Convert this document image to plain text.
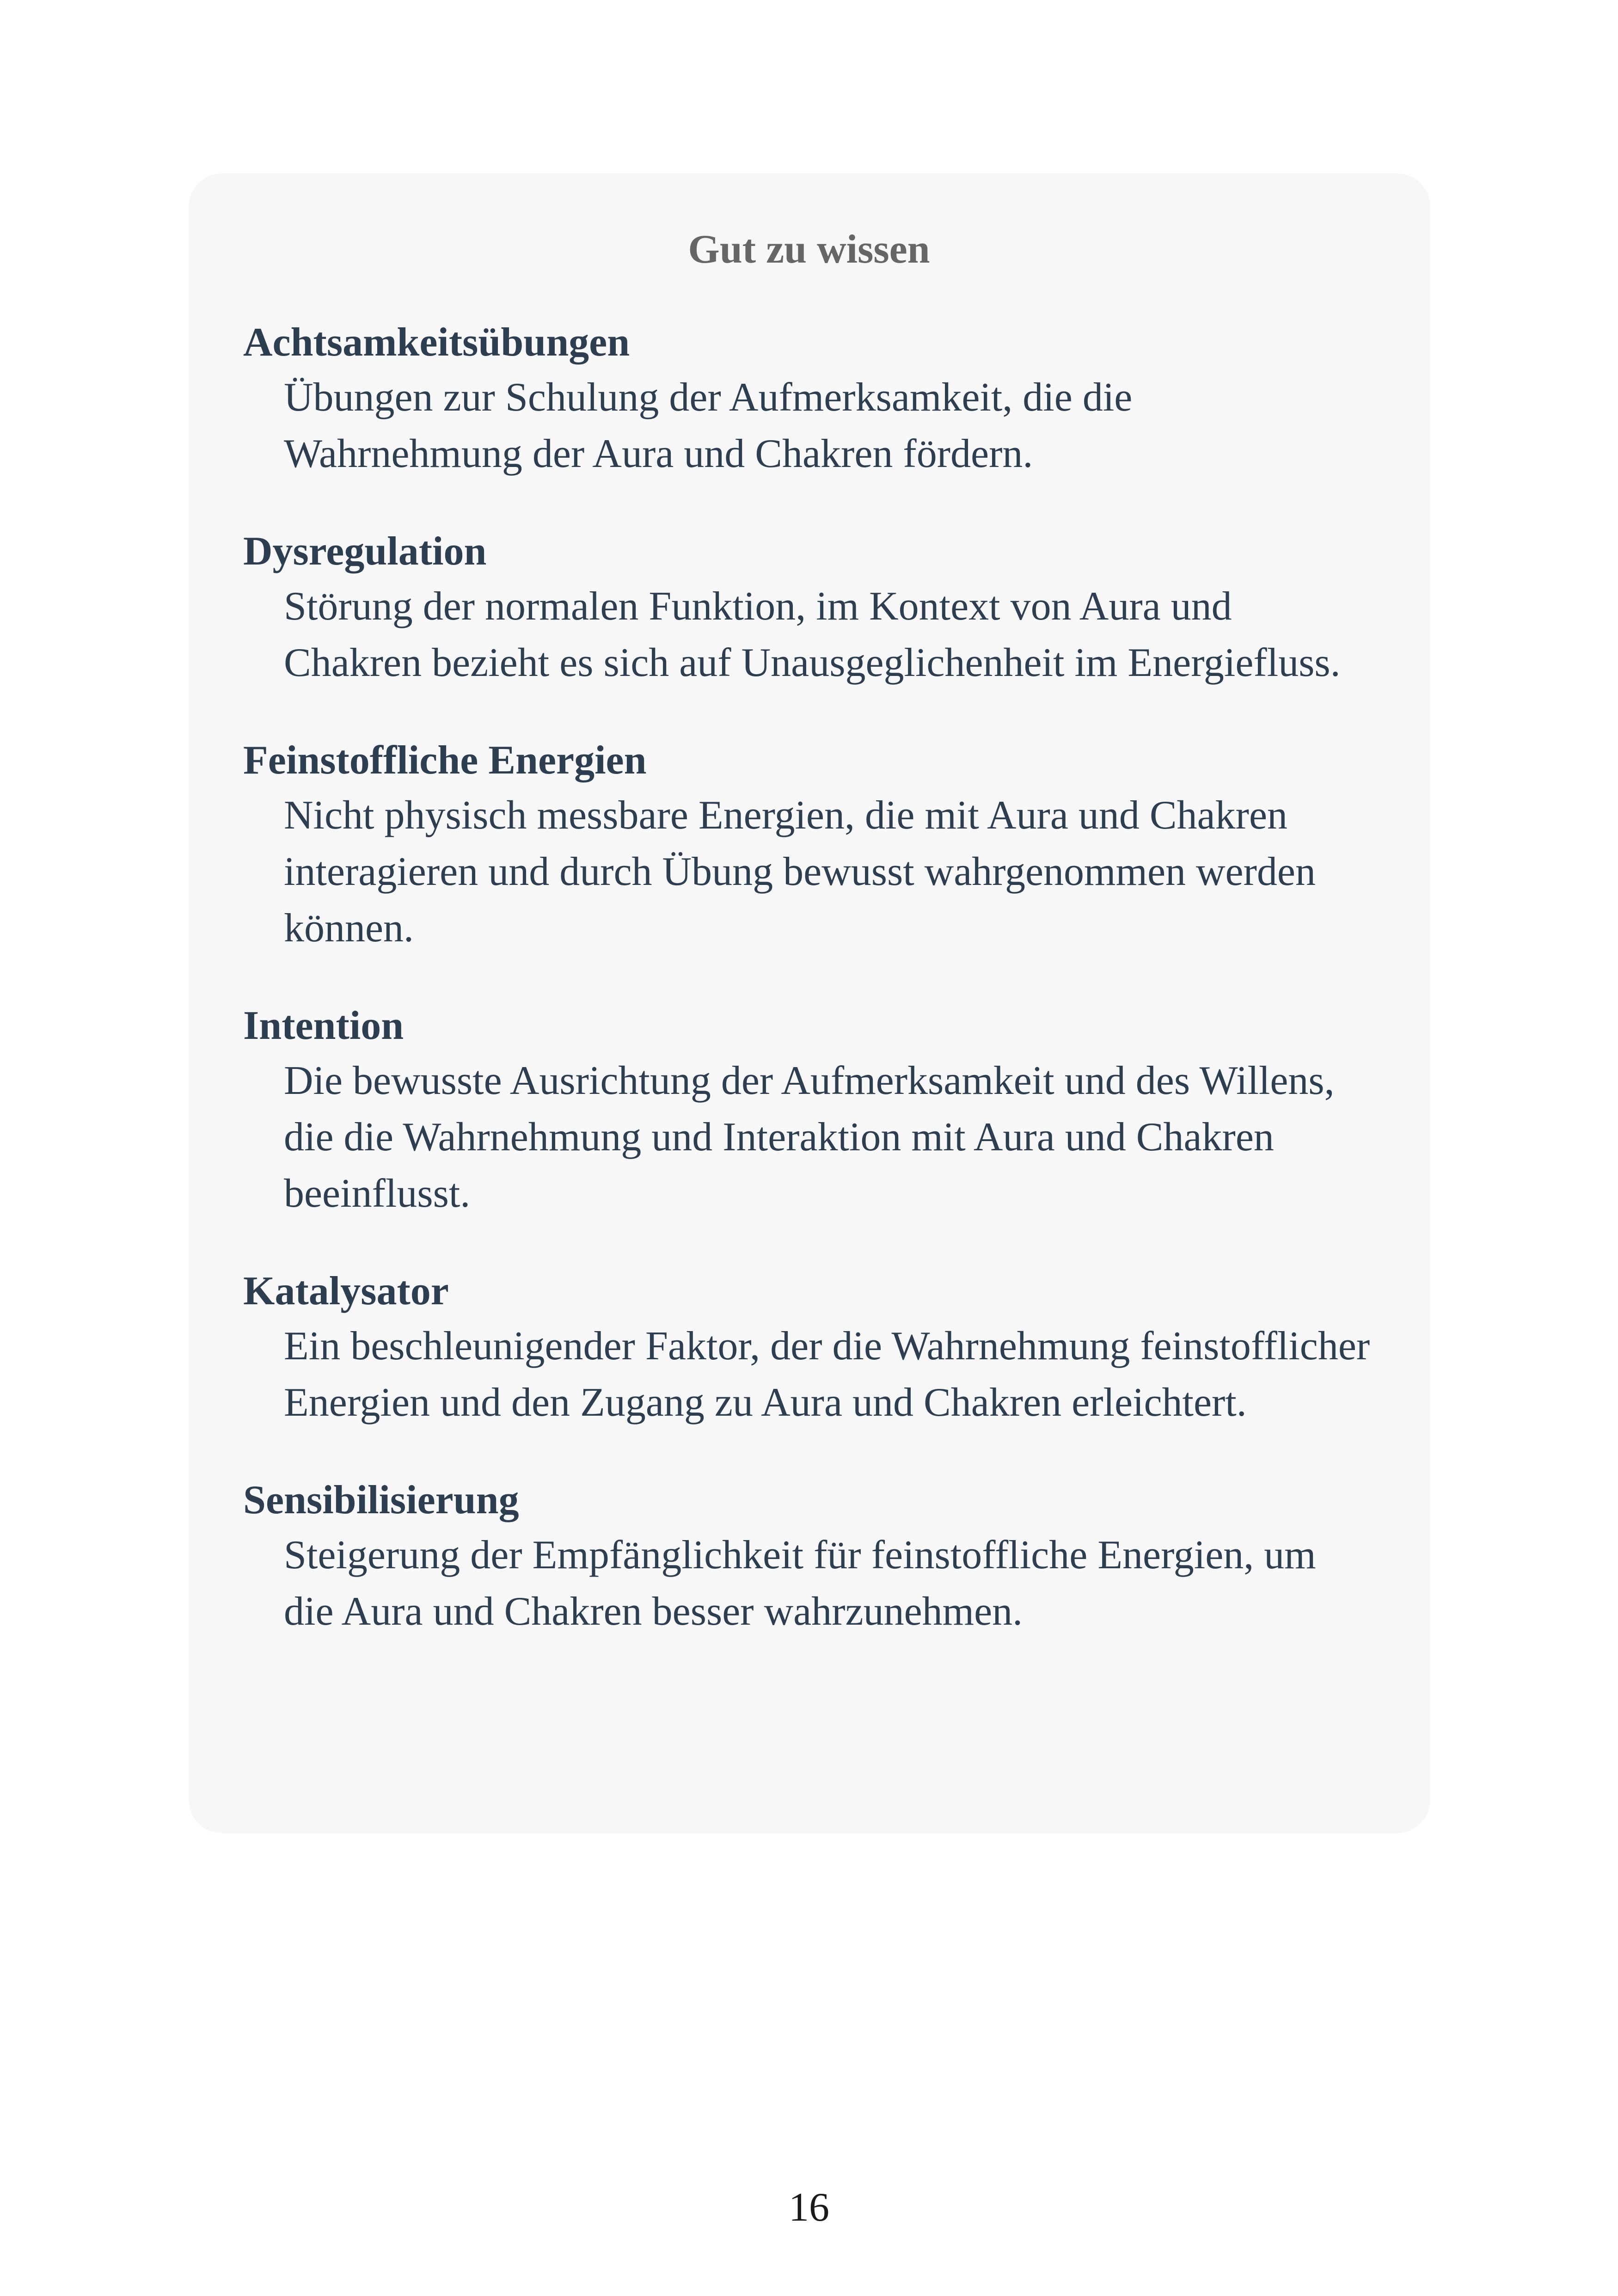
Gut zu wissen
Achtsamkeitsübungen
Übungen zur Schulung der Aufmerksamkeit, die die Wahrnehmung der Aura und Chakren fördern.
Dysregulation
Störung der normalen Funktion, im Kontext von Aura und Chakren bezieht es sich auf Unausgeglichenheit im Energiefluss.
Feinstoffliche Energien
Nicht physisch messbare Energien, die mit Aura und Chakren interagieren und durch Übung bewusst wahrgenommen werden können.
Intention
Die bewusste Ausrichtung der Aufmerksamkeit und des Willens, die die Wahrnehmung und Interaktion mit Aura und Chakren beeinflusst.
Katalysator
Ein beschleunigender Faktor, der die Wahrnehmung feinstofflicher Energien und den Zugang zu Aura und Chakren erleichtert.
Sensibilisierung
Steigerung der Empfänglichkeit für feinstoffliche Energien, um die Aura und Chakren besser wahrzunehmen.
16
